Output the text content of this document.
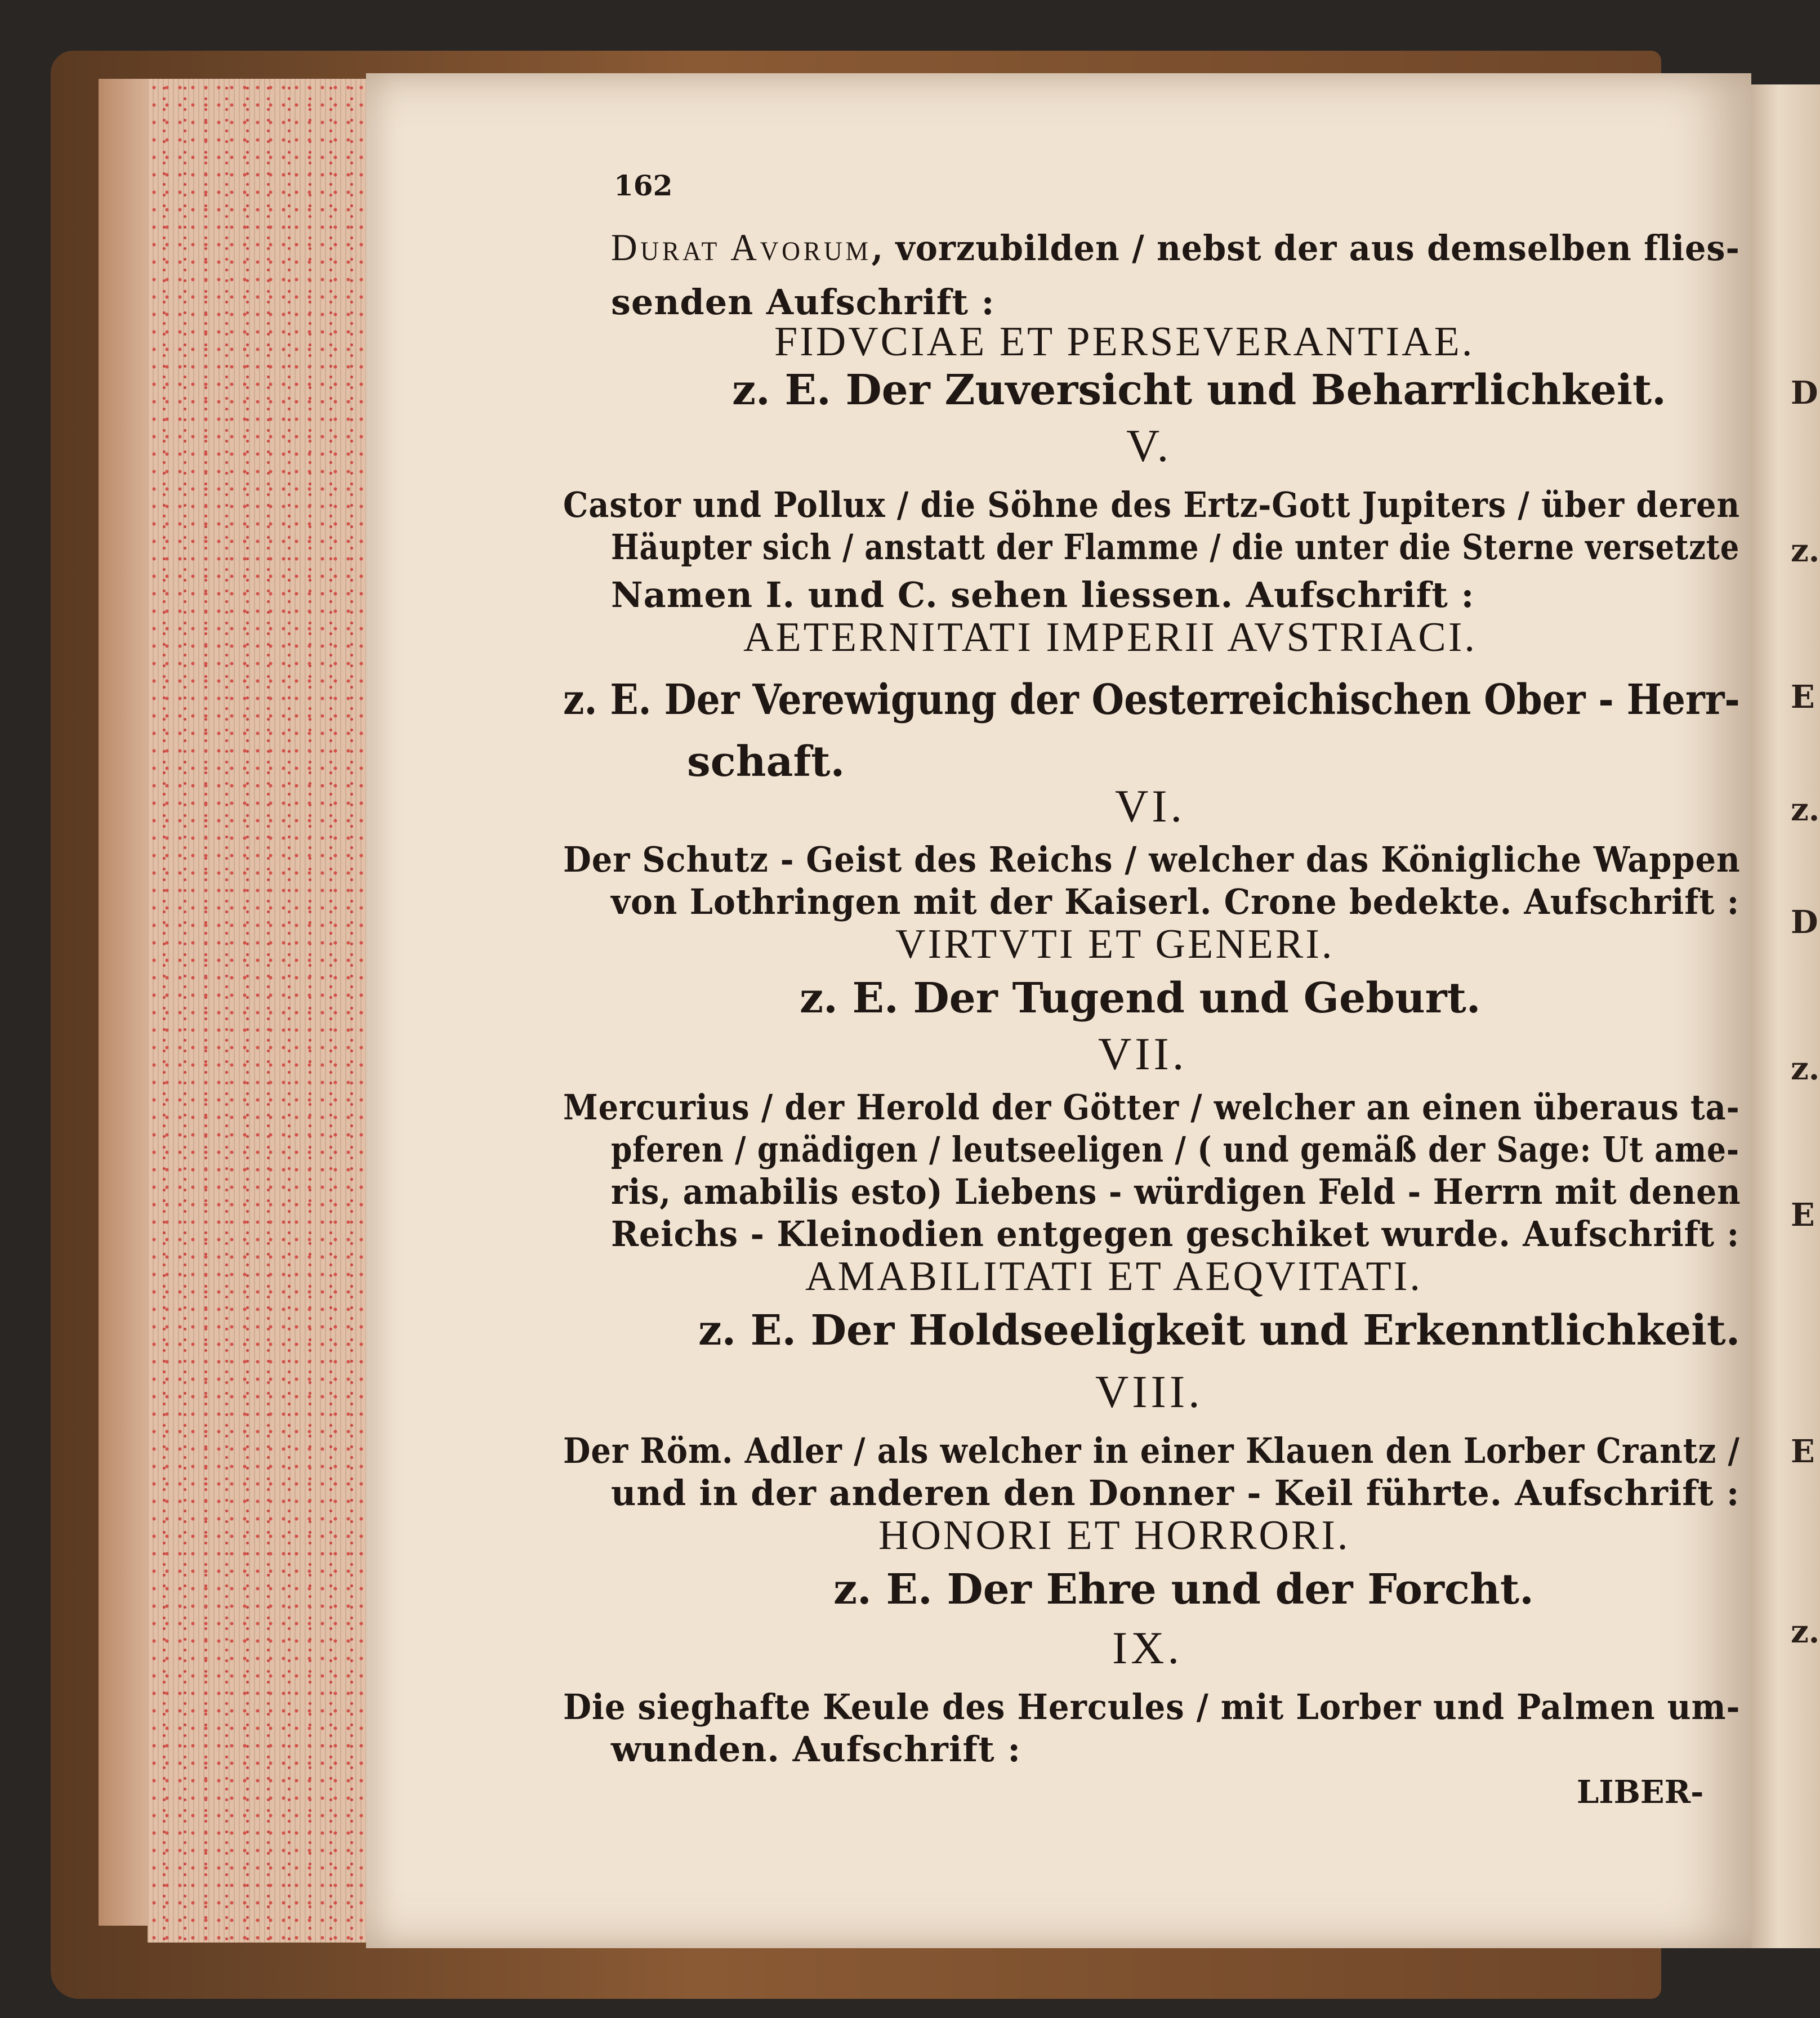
D
z.
E
z.
D
z.
E
E
z.
162
Durat Avorum, vorzubilden / nebst der aus demselben flies-
senden Aufschrift :
FIDVCIAE ET PERSEVERANTIAE.
z. E. Der Zuversicht und Beharrlichkeit.
V.
Castor und Pollux / die Söhne des Ertz-Gott Jupiters / über deren
Häupter sich / anstatt der Flamme / die unter die Sterne versetzte
Namen I. und C. sehen liessen. Aufschrift :
AETERNITATI IMPERII AVSTRIACI.
z. E. Der Verewigung der Oesterreichischen Ober - Herr-
schaft.
VI.
Der Schutz - Geist des Reichs / welcher das Königliche Wappen
von Lothringen mit der Kaiserl. Crone bedekte. Aufschrift :
VIRTVTI ET GENERI.
z. E. Der Tugend und Geburt.
VII.
Mercurius / der Herold der Götter / welcher an einen überaus ta-
pferen / gnädigen / leutseeligen / ( und gemäß der Sage: Ut ame-
ris, amabilis esto) Liebens - würdigen Feld - Herrn mit denen
Reichs - Kleinodien entgegen geschiket wurde. Aufschrift :
AMABILITATI ET AEQVITATI.
z. E. Der Holdseeligkeit und Erkenntlichkeit.
VIII.
Der Röm. Adler / als welcher in einer Klauen den Lorber Crantz /
und in der anderen den Donner - Keil führte. Aufschrift :
HONORI ET HORRORI.
z. E. Der Ehre und der Forcht.
IX.
Die sieghafte Keule des Hercules / mit Lorber und Palmen um-
wunden. Aufschrift :
LIBER-
